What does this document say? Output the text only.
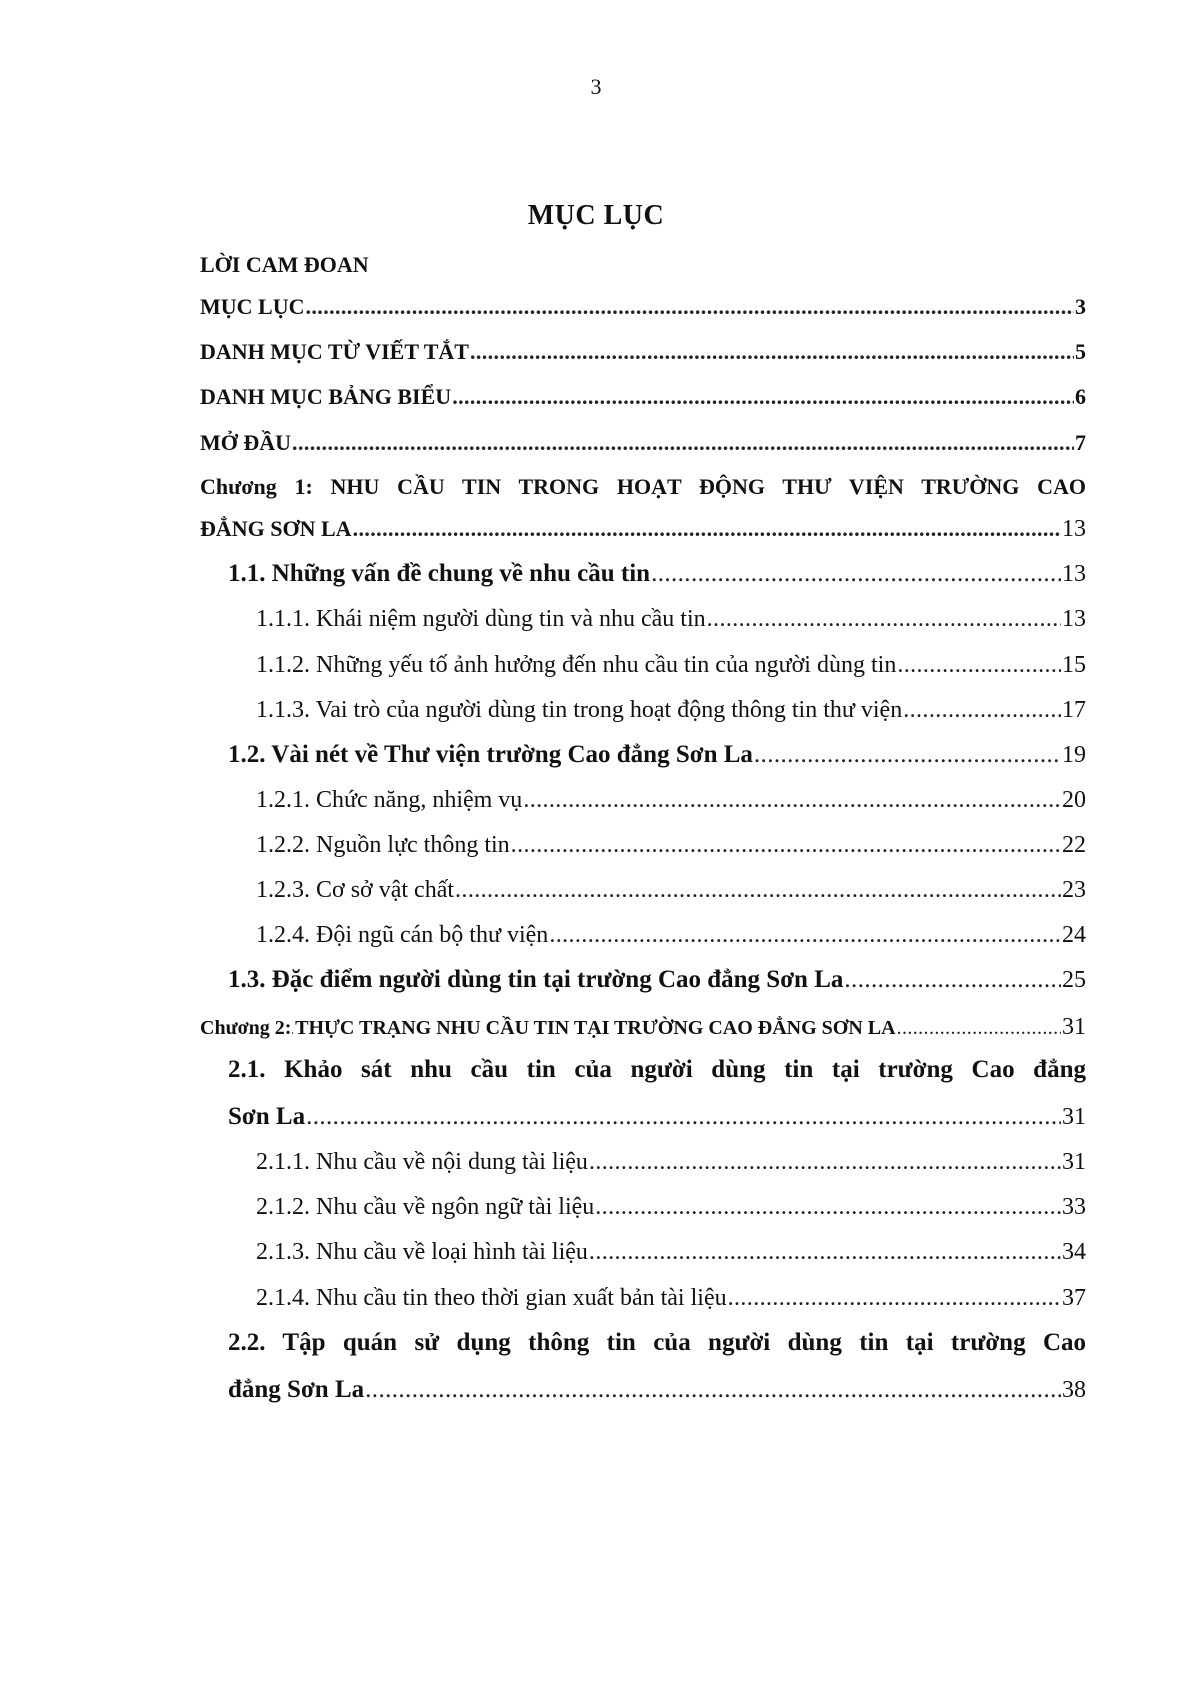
3
MỤC LỤC
LỜI CAM ĐOAN
MỤC LỤC .....	3
DANH MỤC TỪ VIẾT TẮT .....	5
DANH MỤC BẢNG BIỂU .....	6
MỞ ĐẦU .....	7
Chương 1: NHU CẦU TIN TRONG HOẠT ĐỘNG THƯ VIỆN TRƯỜNG CAO
ĐẲNG SƠN LA .....	13
1.1. Những vấn đề chung về nhu cầu tin .....	13
1.1.1. Khái niệm người dùng tin và nhu cầu tin .....	13
1.1.2. Những yếu tố ảnh hưởng đến nhu cầu tin của người dùng tin .....	15
1.1.3. Vai trò của người dùng tin trong hoạt động thông tin thư viện .....	17
1.2. Vài nét về Thư viện trường Cao đẳng Sơn La .....	19
1.2.1. Chức năng, nhiệm vụ .....	20
1.2.2. Nguồn lực thông tin .....	22
1.2.3. Cơ sở vật chất .....	23
1.2.4. Đội ngũ cán bộ thư viện .....	24
1.3. Đặc điểm người dùng tin tại trường Cao đẳng Sơn La .....	25
Chương 2: THỰC TRẠNG NHU CẦU TIN TẠI TRƯỜNG CAO ĐẲNG SƠN LA .....	31
2.1. Khảo sát nhu cầu tin của người dùng tin tại trường Cao đẳng
Sơn La .....	31
2.1.1. Nhu cầu về nội dung tài liệu .....	31
2.1.2. Nhu cầu về ngôn ngữ tài liệu .....	33
2.1.3. Nhu cầu về loại hình tài liệu .....	34
2.1.4. Nhu cầu tin theo thời gian xuất bản tài liệu .....	37
2.2. Tập quán sử dụng thông tin của người dùng tin tại trường Cao
đẳng Sơn La .....	38
